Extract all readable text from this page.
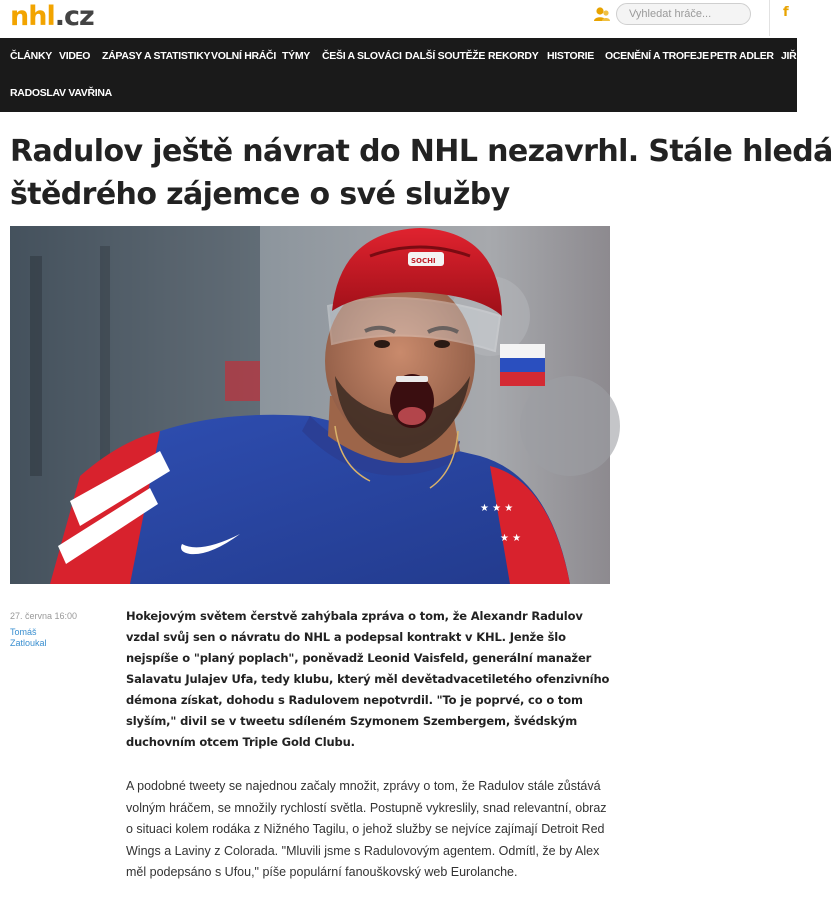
nhl.cz
Vyhledat hráče...	f
ČLÁNKY VIDEO ZÁPASY A STATISTIKY VOLNÍ HRÁČI TÝMY ČEŠI A SLOVÁCI DALŠÍ SOUTĚŽE REKORDY HISTORIE OCENĚNÍ A TROFEJE PETR ADLER JIŘÍ
RADOSLAV VAVŘINA
Radulov ještě návrat do NHL nezavrhl. Stále hledá
štědrého zájemce o své služby
★ ★ ★
★ ★
SOCHI
27. června 16:00
Tomáš Zatloukal

Hokejovým světem čerstvě zahýbala zpráva o tom, že Alexandr Radulov vzdal svůj sen o návratu do NHL a podepsal kontrakt v KHL. Jenže šlo nejspíše o "planý poplach", poněvadž Leonid Vaisfeld, generální manažer Salavatu Julajev Ufa, tedy klubu, který měl devětadvacetiletého ofenzivního démona získat, dohodu s Radulovem nepotvrdil. "To je poprvé, co o tom slyším," divil se v tweetu sdíleném Szymonem Szembergem, švédským duchovním otcem Triple Gold Clubu.

A podobné tweety se najednou začaly množit, zprávy o tom, že Radulov stále zůstává volným hráčem, se množily rychlostí světla. Postupně vykreslily, snad relevantní, obraz o situaci kolem rodáka z Nižného Tagilu, o jehož služby se nejvíce zajímají Detroit Red Wings a Laviny z Colorada. "Mluvili jsme s Radulovovým agentem. Odmítl, že by Alex měl podepsáno s Ufou," píše populární fanouškovský web Eurolanche.
